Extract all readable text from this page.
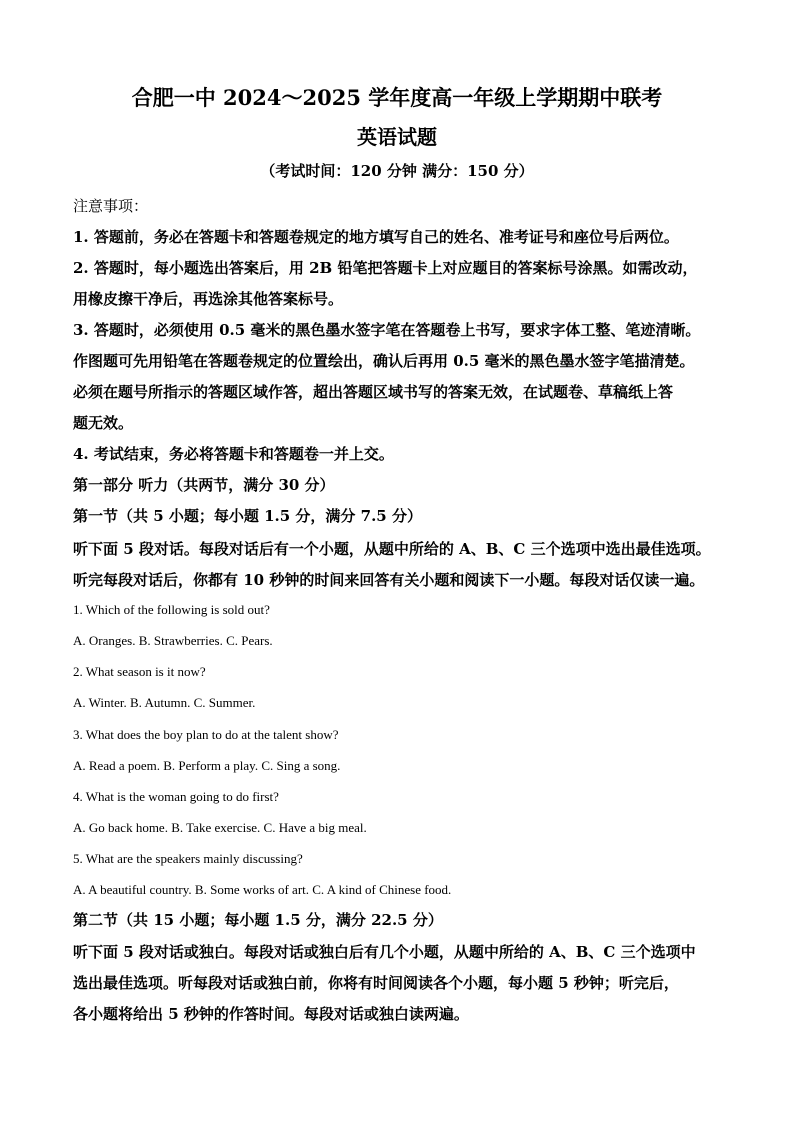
合肥一中 2024～2025 学年度高一年级上学期期中联考
英语试题
（考试时间：120 分钟 满分：150 分）
注意事项：
1. 答题前，务必在答题卡和答题卷规定的地方填写自己的姓名、准考证号和座位号后两位。
2. 答题时，每小题选出答案后，用 2B 铅笔把答题卡上对应题目的答案标号涂黑。如需改动，
用橡皮擦干净后，再选涂其他答案标号。
3. 答题时，必须使用 0.5 毫米的黑色墨水签字笔在答题卷上书写，要求字体工整、笔迹清晰。
作图题可先用铅笔在答题卷规定的位置绘出，确认后再用 0.5 毫米的黑色墨水签字笔描清楚。
必须在题号所指示的答题区域作答，超出答题区域书写的答案无效，在试题卷、草稿纸上答
题无效。
4. 考试结束，务必将答题卡和答题卷一并上交。
第一部分 听力（共两节，满分 30 分）
第一节（共 5 小题；每小题 1.5 分，满分 7.5 分）
听下面 5 段对话。每段对话后有一个小题，从题中所给的 A、B、C 三个选项中选出最佳选项。
听完每段对话后，你都有 10 秒钟的时间来回答有关小题和阅读下一小题。每段对话仅读一遍。
1. Which of the following is sold out?
A. Oranges. B. Strawberries. C. Pears.
2. What season is it now?
A. Winter. B. Autumn. C. Summer.
3. What does the boy plan to do at the talent show?
A. Read a poem. B. Perform a play. C. Sing a song.
4. What is the woman going to do first?
A. Go back home. B. Take exercise. C. Have a big meal.
5. What are the speakers mainly discussing?
A. A beautiful country. B. Some works of art. C. A kind of Chinese food.
第二节（共 15 小题；每小题 1.5 分，满分 22.5 分）
听下面 5 段对话或独白。每段对话或独白后有几个小题，从题中所给的 A、B、C 三个选项中
选出最佳选项。听每段对话或独白前，你将有时间阅读各个小题，每小题 5 秒钟；听完后，
各小题将给出 5 秒钟的作答时间。每段对话或独白读两遍。
